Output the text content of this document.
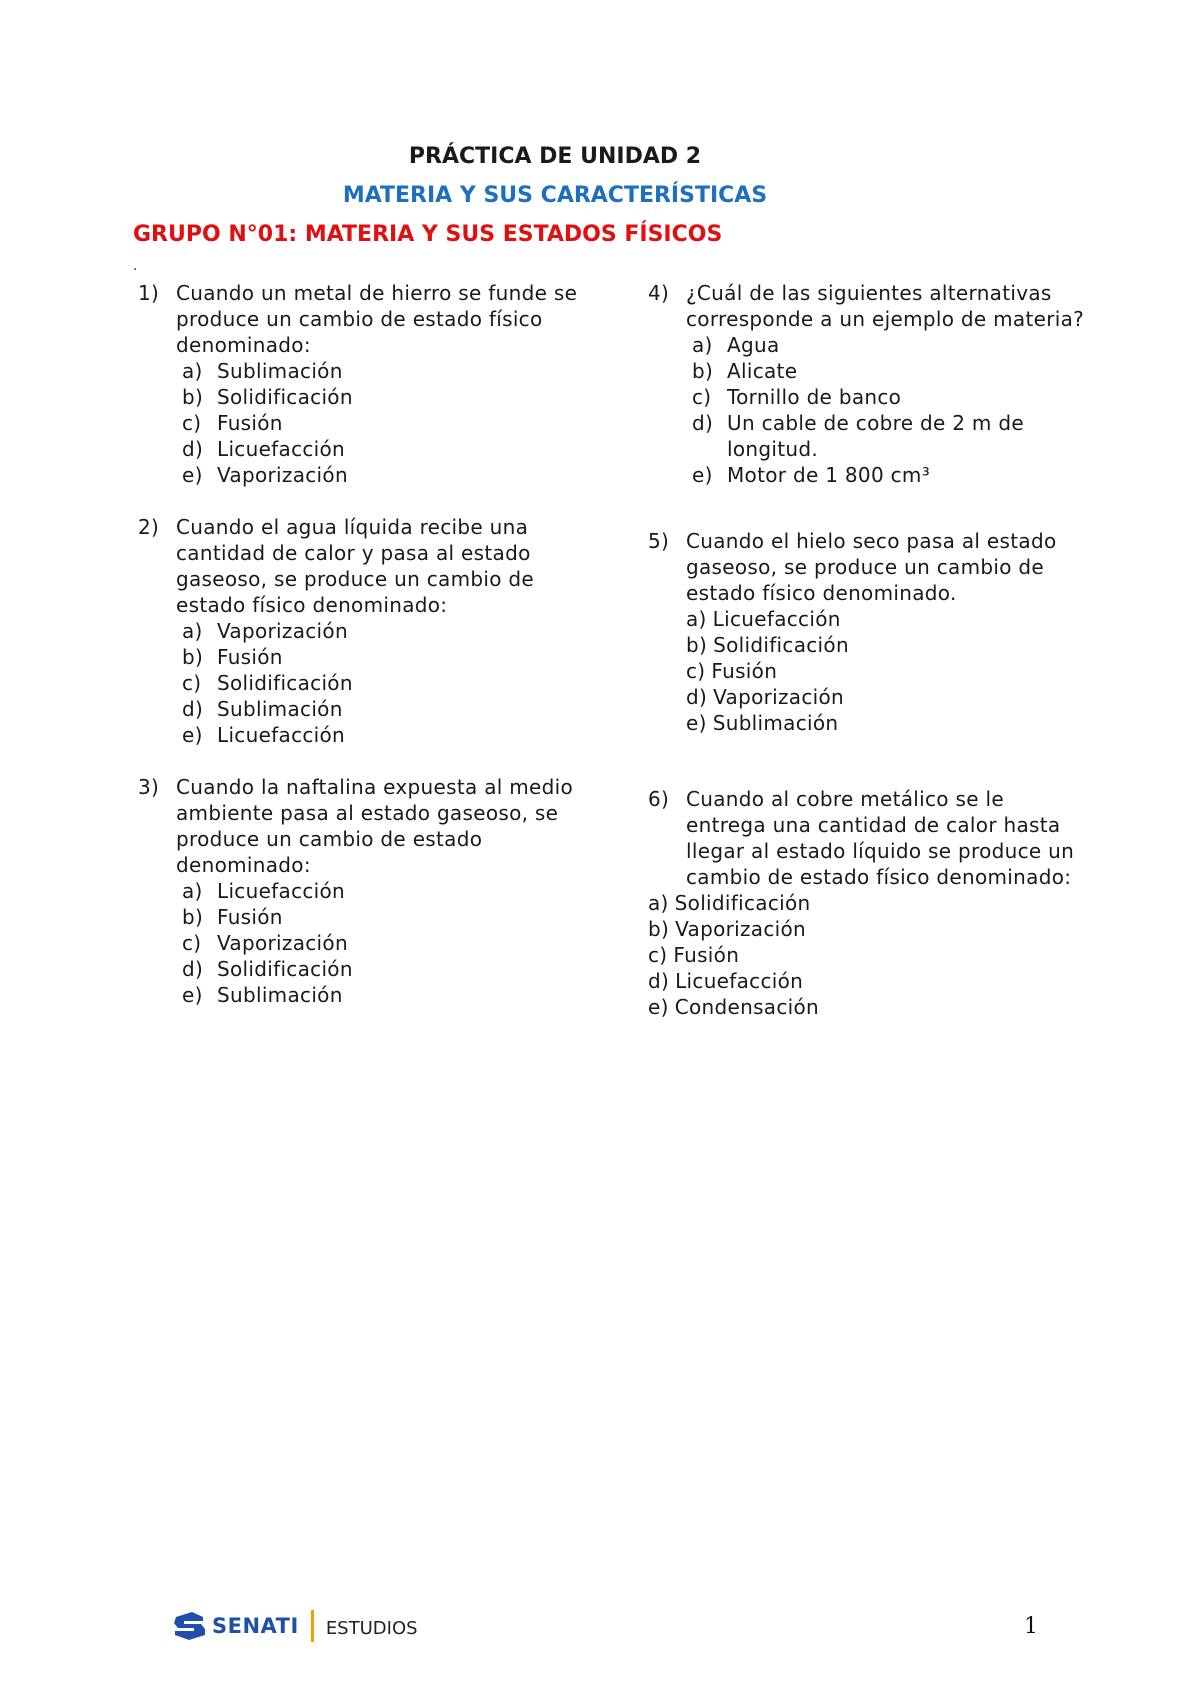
PRÁCTICA DE UNIDAD 2
MATERIA Y SUS CARACTERÍSTICAS
GRUPO N°01: MATERIA Y SUS ESTADOS FÍSICOS
.
1) Cuando un metal de hierro se funde se produce un cambio de estado físico denominado:
a) Sublimación
b) Solidificación
c) Fusión
d) Licuefacción
e) Vaporización
2) Cuando el agua líquida recibe una cantidad de calor y pasa al estado gaseoso, se produce un cambio de estado físico denominado:
a) Vaporización
b) Fusión
c) Solidificación
d) Sublimación
e) Licuefacción
3) Cuando la naftalina expuesta al medio ambiente pasa al estado gaseoso, se produce un cambio de estado denominado:
a) Licuefacción
b) Fusión
c) Vaporización
d) Solidificación
e) Sublimación
4) ¿Cuál de las siguientes alternativas corresponde a un ejemplo de materia?
a) Agua
b) Alicate
c) Tornillo de banco
d) Un cable de cobre de 2 m de longitud.
e) Motor de 1 800 cm³
5) Cuando el hielo seco pasa al estado gaseoso, se produce un cambio de estado físico denominado.
a) Licuefacción
b) Solidificación
c) Fusión
d) Vaporización
e) Sublimación
6) Cuando al cobre metálico se le entrega una cantidad de calor hasta llegar al estado líquido se produce un cambio de estado físico denominado:
a) Solidificación
b) Vaporización
c) Fusión
d) Licuefacción
e) Condensación
SENATI ESTUDIOS	1
